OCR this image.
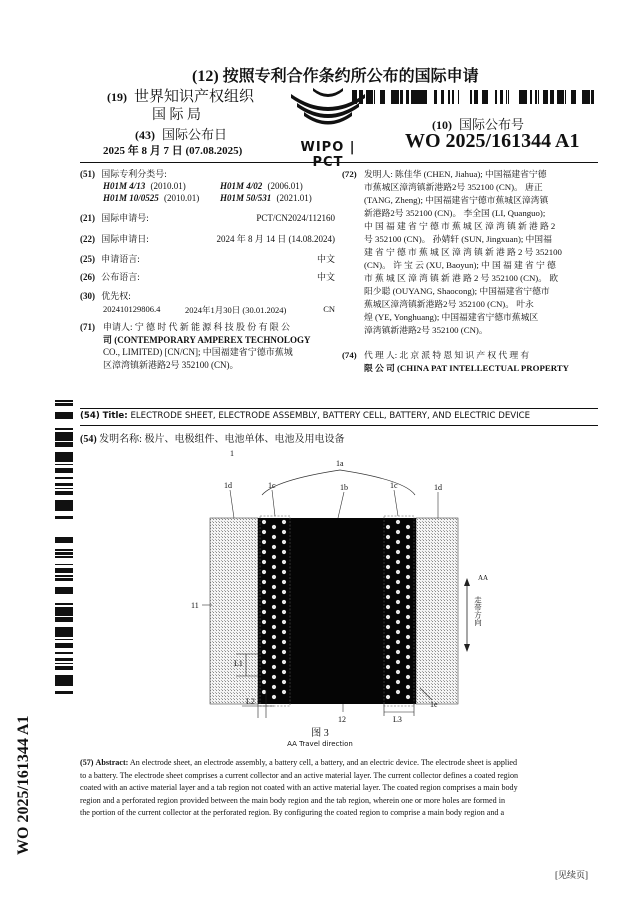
(12) 按照专利合作条约所公布的国际申请
(19) 世界知识产权组织
国 际 局
(43) 国际公布日
2025 年 8 月 7 日 (07.08.2025)	WIPO | PCT
(10) 国际公布号
WO 2025/161344 A1
(51) 国际专利分类号:
H01M 4/13 (2010.01)	H01M 4/02 (2006.01)
H01M 10/0525 (2010.01) H01M 50/531 (2021.01)
(21) 国际申请号:	PCT/CN2024/112160
(22) 国际申请日:	2024 年 8 月 14 日 (14.08.2024)
(25) 申请语言:	中文
(26) 公布语言:	中文
(30) 优先权:
202410129806.4	2024年1月30日 (30.01.2024)	CN
(71) 申请人: 宁 德 时 代 新 能 源 科 技 股 份 有 限 公
司 (CONTEMPORARY AMPEREX TECHNOLOGY
CO., LIMITED) [CN/CN]; 中国福建省宁德市蕉城
区漳湾镇新港路2号 352100 (CN)。
(72) 发明人: 陈佳华 (CHEN, Jiahua); 中国福建省宁德
市蕉城区漳湾镇新港路2号 352100 (CN)。 唐正
(TANG, Zheng); 中国福建省宁德市蕉城区漳湾镇
新港路2号 352100 (CN)。 李全国 (LI, Quanguo);
中 国 福 建 省 宁 德 市 蕉 城 区 漳 湾 镇 新 港 路 2
号 352100 (CN)。 孙婧轩 (SUN, Jingxuan); 中国福
建 省 宁 德 市 蕉 城 区 漳 湾 镇 新 港 路 2 号 352100
(CN)。 许 宝 云 (XU, Baoyun); 中 国 福 建 省 宁 德
市 蕉 城 区 漳 湾 镇 新 港 路 2 号 352100 (CN)。 欧
阳少聪 (OUYANG, Shaocong); 中国福建省宁德市
蕉城区漳湾镇新港路2号 352100 (CN)。 叶永
煌 (YE, Yonghuang); 中国福建省宁德市蕉城区
漳湾镇新港路2号 352100 (CN)。
(74) 代 理 人: 北 京 派 特 恩 知 识 产 权 代 理 有
限 公 司 (CHINA PAT INTELLECTUAL PROPERTY
WO 2025/161344 A1
(54) Title: ELECTRODE SHEET, ELECTRODE ASSEMBLY, BATTERY CELL, BATTERY, AND ELECTRIC DEVICE
(54) 发明名称: 极片、电极组件、电池单体、电池及用电设备
1
1a
1d	1c	1b	1c	1d
11
L1
L2
12	L3
1e
AA
走带方向
图 3
AA Travel direction
(57) Abstract: An electrode sheet, an electrode assembly, a battery cell, a battery, and an electric device. The electrode sheet is applied
to a battery. The electrode sheet comprises a current collector and an active material layer. The current collector defines a coated region
coated with an active material layer and a tab region not coated with an active material layer. The coated region comprises a main body
region and a perforated region provided between the main body region and the tab region, wherein one or more holes are formed in
the portion of the current collector at the perforated region. By configuring the coated region to comprise a main body region and a
[见续页]
